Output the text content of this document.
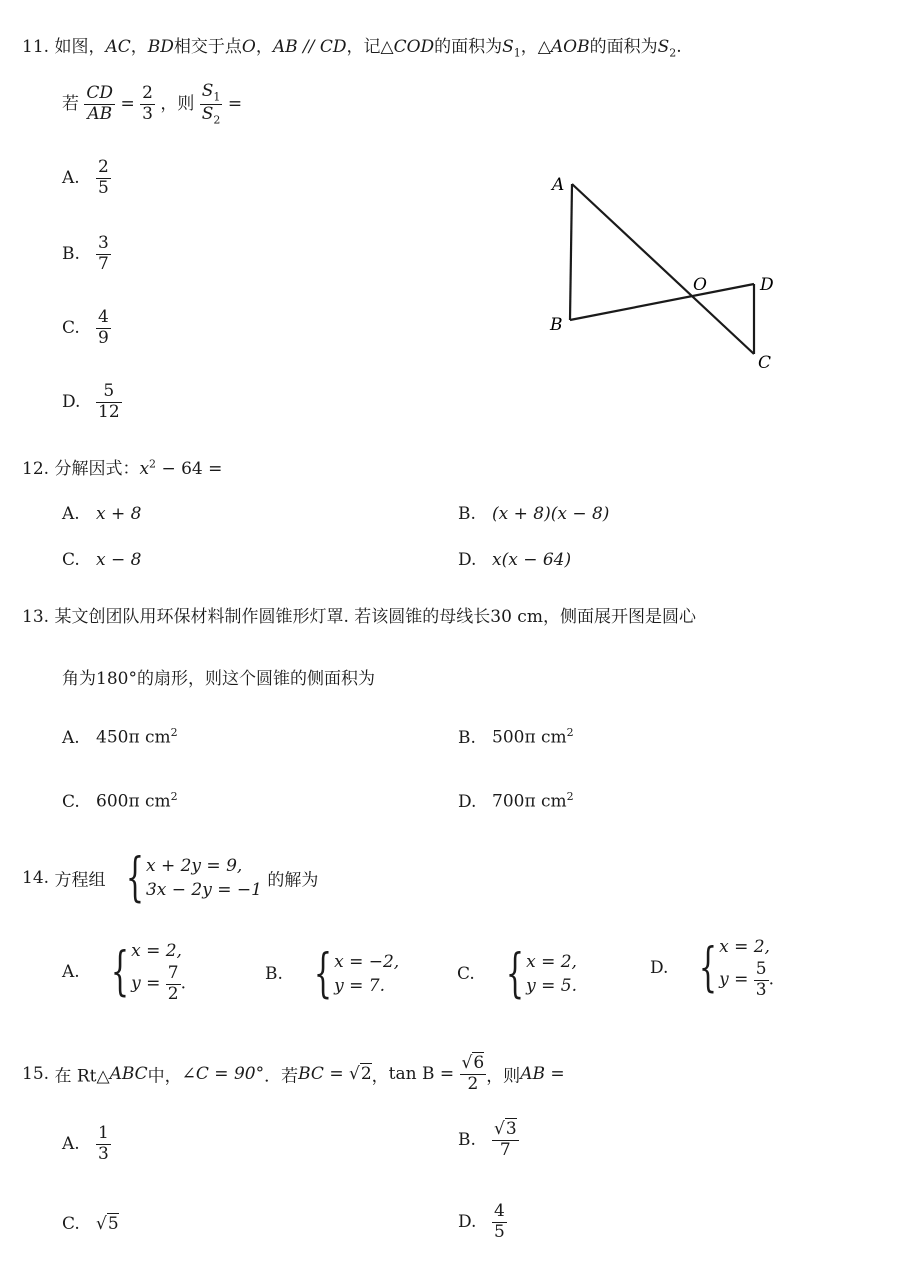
11. 如图，AC，BD相交于点O，AB // CD，记△COD的面积为$S_1$，△AOB的面积为$S_2$.
若 $\frac{CD}{AB} = \frac{2}{3}$ ，则 $\frac{S_1}{S_2}$ =
A. $\frac{2}{5}$
B. $\frac{3}{7}$
C. $\frac{4}{9}$
D. $\frac{5}{12}$
A
B
O	D
C
12. 分解因式：$x^2 - 64$ =
A. x + 8	B. (x + 8)(x − 8)
C. x − 8	D. x(x − 64)
13. 某文创团队用环保材料制作圆锥形灯罩. 若该圆锥的母线长30 cm，侧面展开图是圆心
角为180°的扇形，则这个圆锥的侧面积为
A. 450π $cm^2$	B. 500π $cm^2$
C. 600π $cm^2$	D. 700π $cm^2$
14. 方程组 { x + 2y = 9,
3x − 2y = −1 的解为
A. { x = 2,
$y = \frac{7}{2}$ .	B. { x = −2,
y = 7.
C. { x = 2,
y = 5.
D. { x = 2,
$y = \frac{5}{3}$ .
15. 在 Rt△ABC中，∠C = 90°．若BC = √2，$\tan B = \frac{√6}{2}$ ，则AB =
A. $\frac{1}{3}$	B. $\frac{√3}{7}$
C. √5	D. $\frac{4}{5}$
